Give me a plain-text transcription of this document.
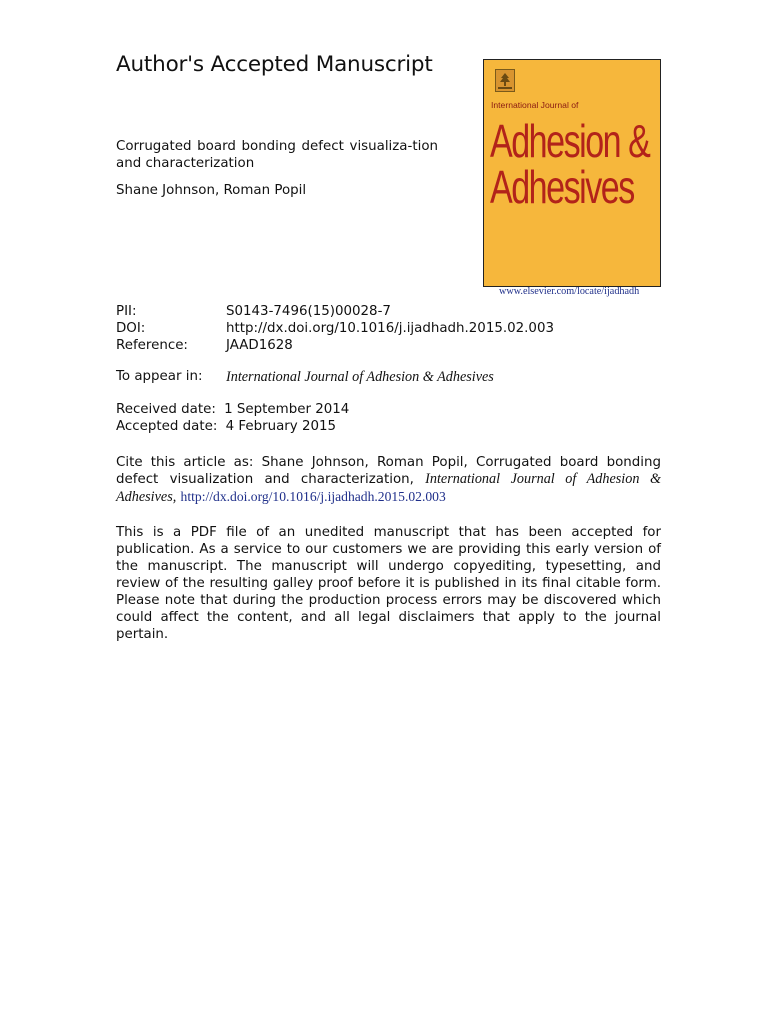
Author's Accepted Manuscript
Corrugated board bonding defect visualiza-tion and characterization
Shane Johnson, Roman Popil
International Journal of
Adhesion &
Adhesives
www.elsevier.com/locate/ijadhadh
PII:	S0143-7496(15)00028-7
DOI:	http://dx.doi.org/10.1016/j.ijadhadh.2015.02.003
Reference:	JAAD1628
To appear in:	International Journal of Adhesion & Adhesives
Received date: 1 September 2014
Accepted date: 4 February 2015
Cite this article as: Shane Johnson, Roman Popil, Corrugated board bonding defect visualization and characterization, International Journal of Adhesion & Adhesives, http://dx.doi.org/10.1016/j.ijadhadh.2015.02.003
This is a PDF file of an unedited manuscript that has been accepted for publication. As a service to our customers we are providing this early version of the manuscript. The manuscript will undergo copyediting, typesetting, and review of the resulting galley proof before it is published in its final citable form. Please note that during the production process errors may be discovered which could affect the content, and all legal disclaimers that apply to the journal pertain.
